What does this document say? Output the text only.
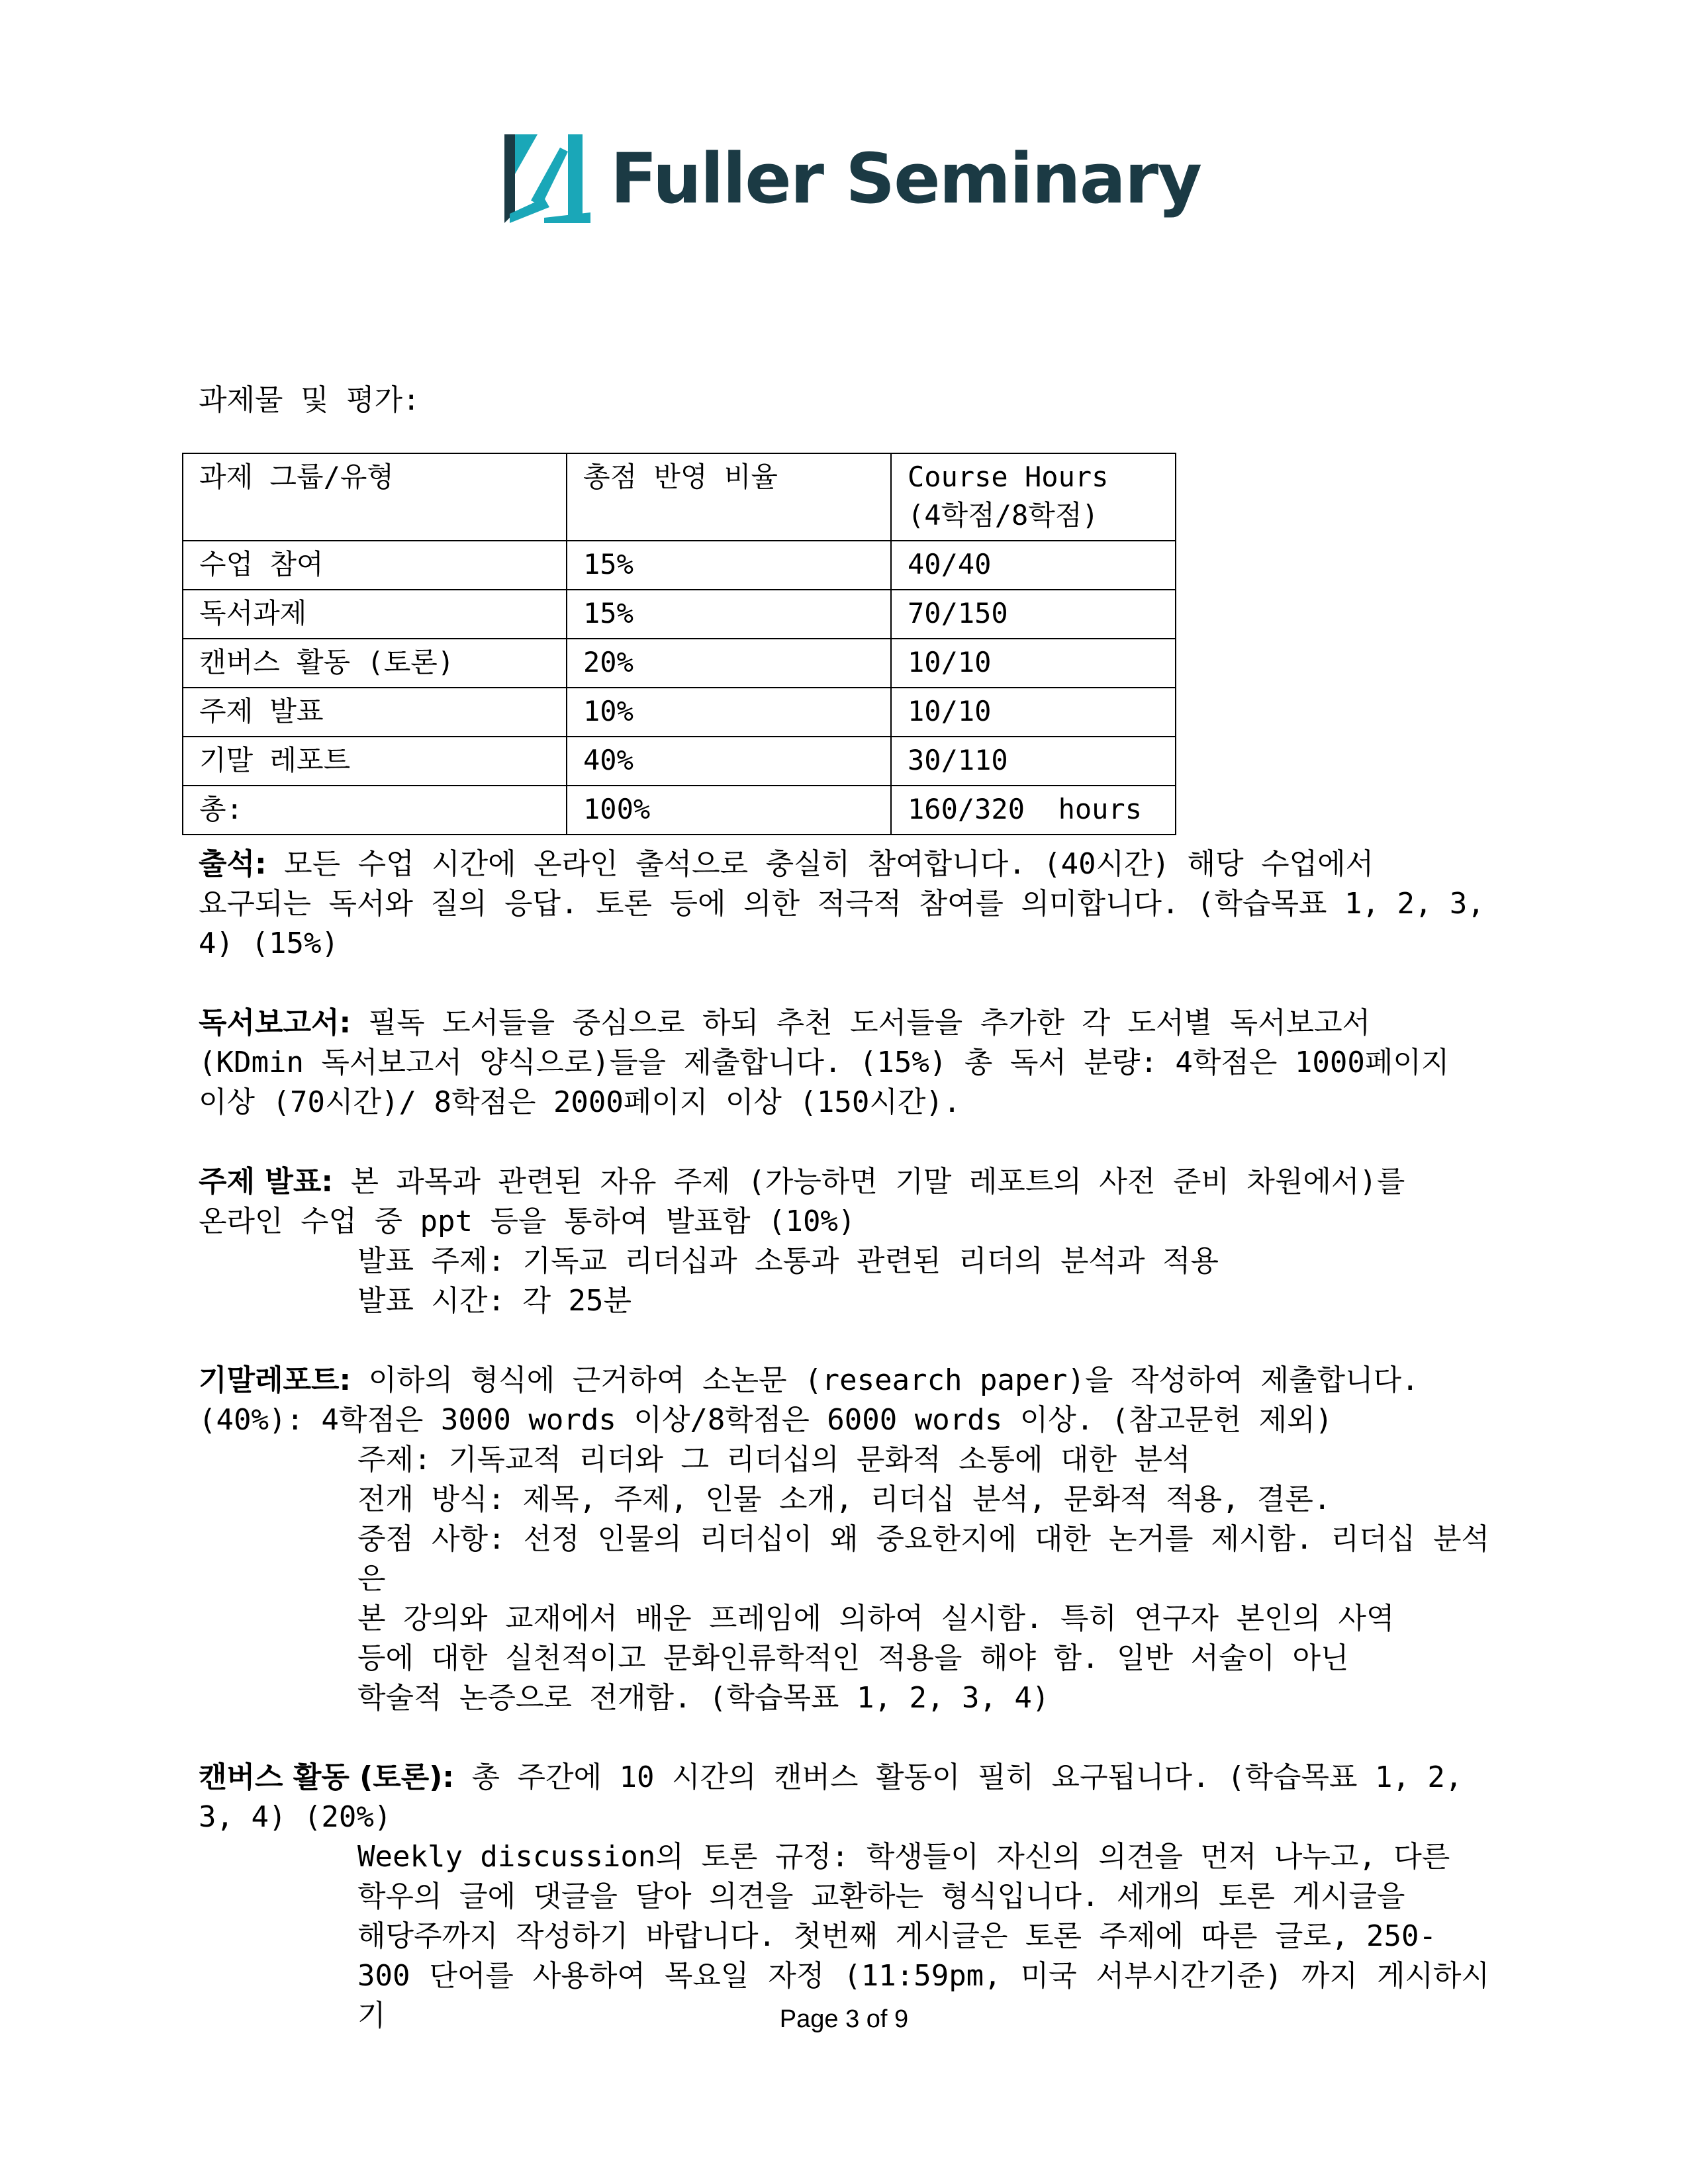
Fuller Seminary
과제물 및 평가:
과제 그룹/유형	총점 반영 비율	Course Hours
(4학점/8학점)

수업 참여	15%	40/40
독서과제	15%	70/150
캔버스 활동 (토론)	20%	10/10
주제 발표	10%	10/10
기말 레포트	40%	30/110
총:	100%	160/320  hours
출석: 모든 수업 시간에 온라인 출석으로 충실히 참여합니다. (40시간) 해당 수업에서
요구되는 독서와 질의 응답. 토론 등에 의한 적극적 참여를 의미합니다. (학습목표 1, 2, 3,
4) (15%)
독서보고서: 필독 도서들을 중심으로 하되 추천 도서들을 추가한 각 도서별 독서보고서
(KDmin 독서보고서 양식으로)들을 제출합니다. (15%) 총 독서 분량: 4학점은 1000페이지
이상 (70시간)/ 8학점은 2000페이지 이상 (150시간).
주제 발표: 본 과목과 관련된 자유 주제 (가능하면 기말 레포트의 사전 준비 차원에서)를
온라인 수업 중 ppt 등을 통하여 발표함 (10%)
발표 주제: 기독교 리더십과 소통과 관련된 리더의 분석과 적용
발표 시간: 각 25분
기말레포트: 이하의 형식에 근거하여 소논문 (research paper)을 작성하여 제출합니다.
(40%): 4학점은 3000 words 이상/8학점은 6000 words 이상. (참고문헌 제외)
주제: 기독교적 리더와 그 리더십의 문화적 소통에 대한 분석
전개 방식: 제목, 주제, 인물 소개, 리더십 분석, 문화적 적용, 결론.
중점 사항: 선정 인물의 리더십이 왜 중요한지에 대한 논거를 제시함. 리더십 분석은
본 강의와 교재에서 배운 프레임에 의하여 실시함. 특히 연구자 본인의 사역
등에 대한 실천적이고 문화인류학적인 적용을 해야 함. 일반 서술이 아닌
학술적 논증으로 전개함. (학습목표 1, 2, 3, 4)
캔버스 활동 (토론): 총 주간에 10 시간의 캔버스 활동이 필히 요구됩니다. (학습목표 1, 2,
3, 4) (20%)
Weekly discussion의 토론 규정: 학생들이 자신의 의견을 먼저 나누고, 다른
학우의 글에 댓글을 달아 의견을 교환하는 형식입니다. 세개의 토론 게시글을
해당주까지 작성하기 바랍니다. 첫번째 게시글은 토론 주제에 따른 글로, 250-
300 단어를 사용하여 목요일 자정 (11:59pm, 미국 서부시간기준) 까지 게시하시기	Page 3 of 9
